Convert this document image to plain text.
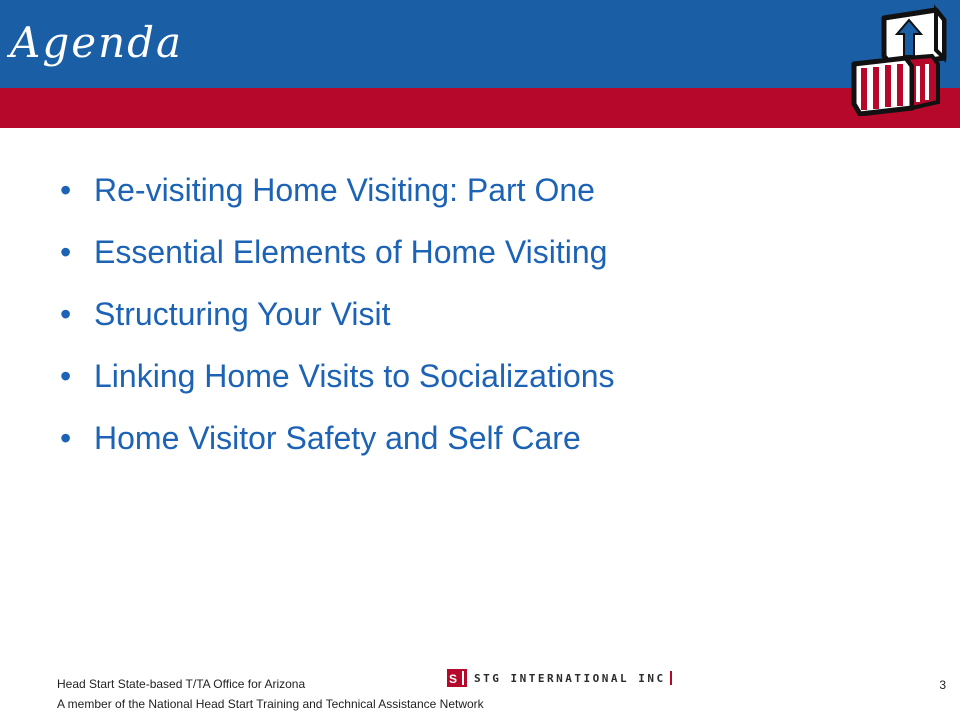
Agenda
• Re-visiting Home Visiting: Part One
• Essential Elements of Home Visiting
• Structuring Your Visit
• Linking Home Visits to Socializations
• Home Visitor Safety and Self Care
Head Start State-based T/TA Office for Arizona
A member of the National Head Start Training and Technical Assistance Network
S STG INTERNATIONAL INC	3
